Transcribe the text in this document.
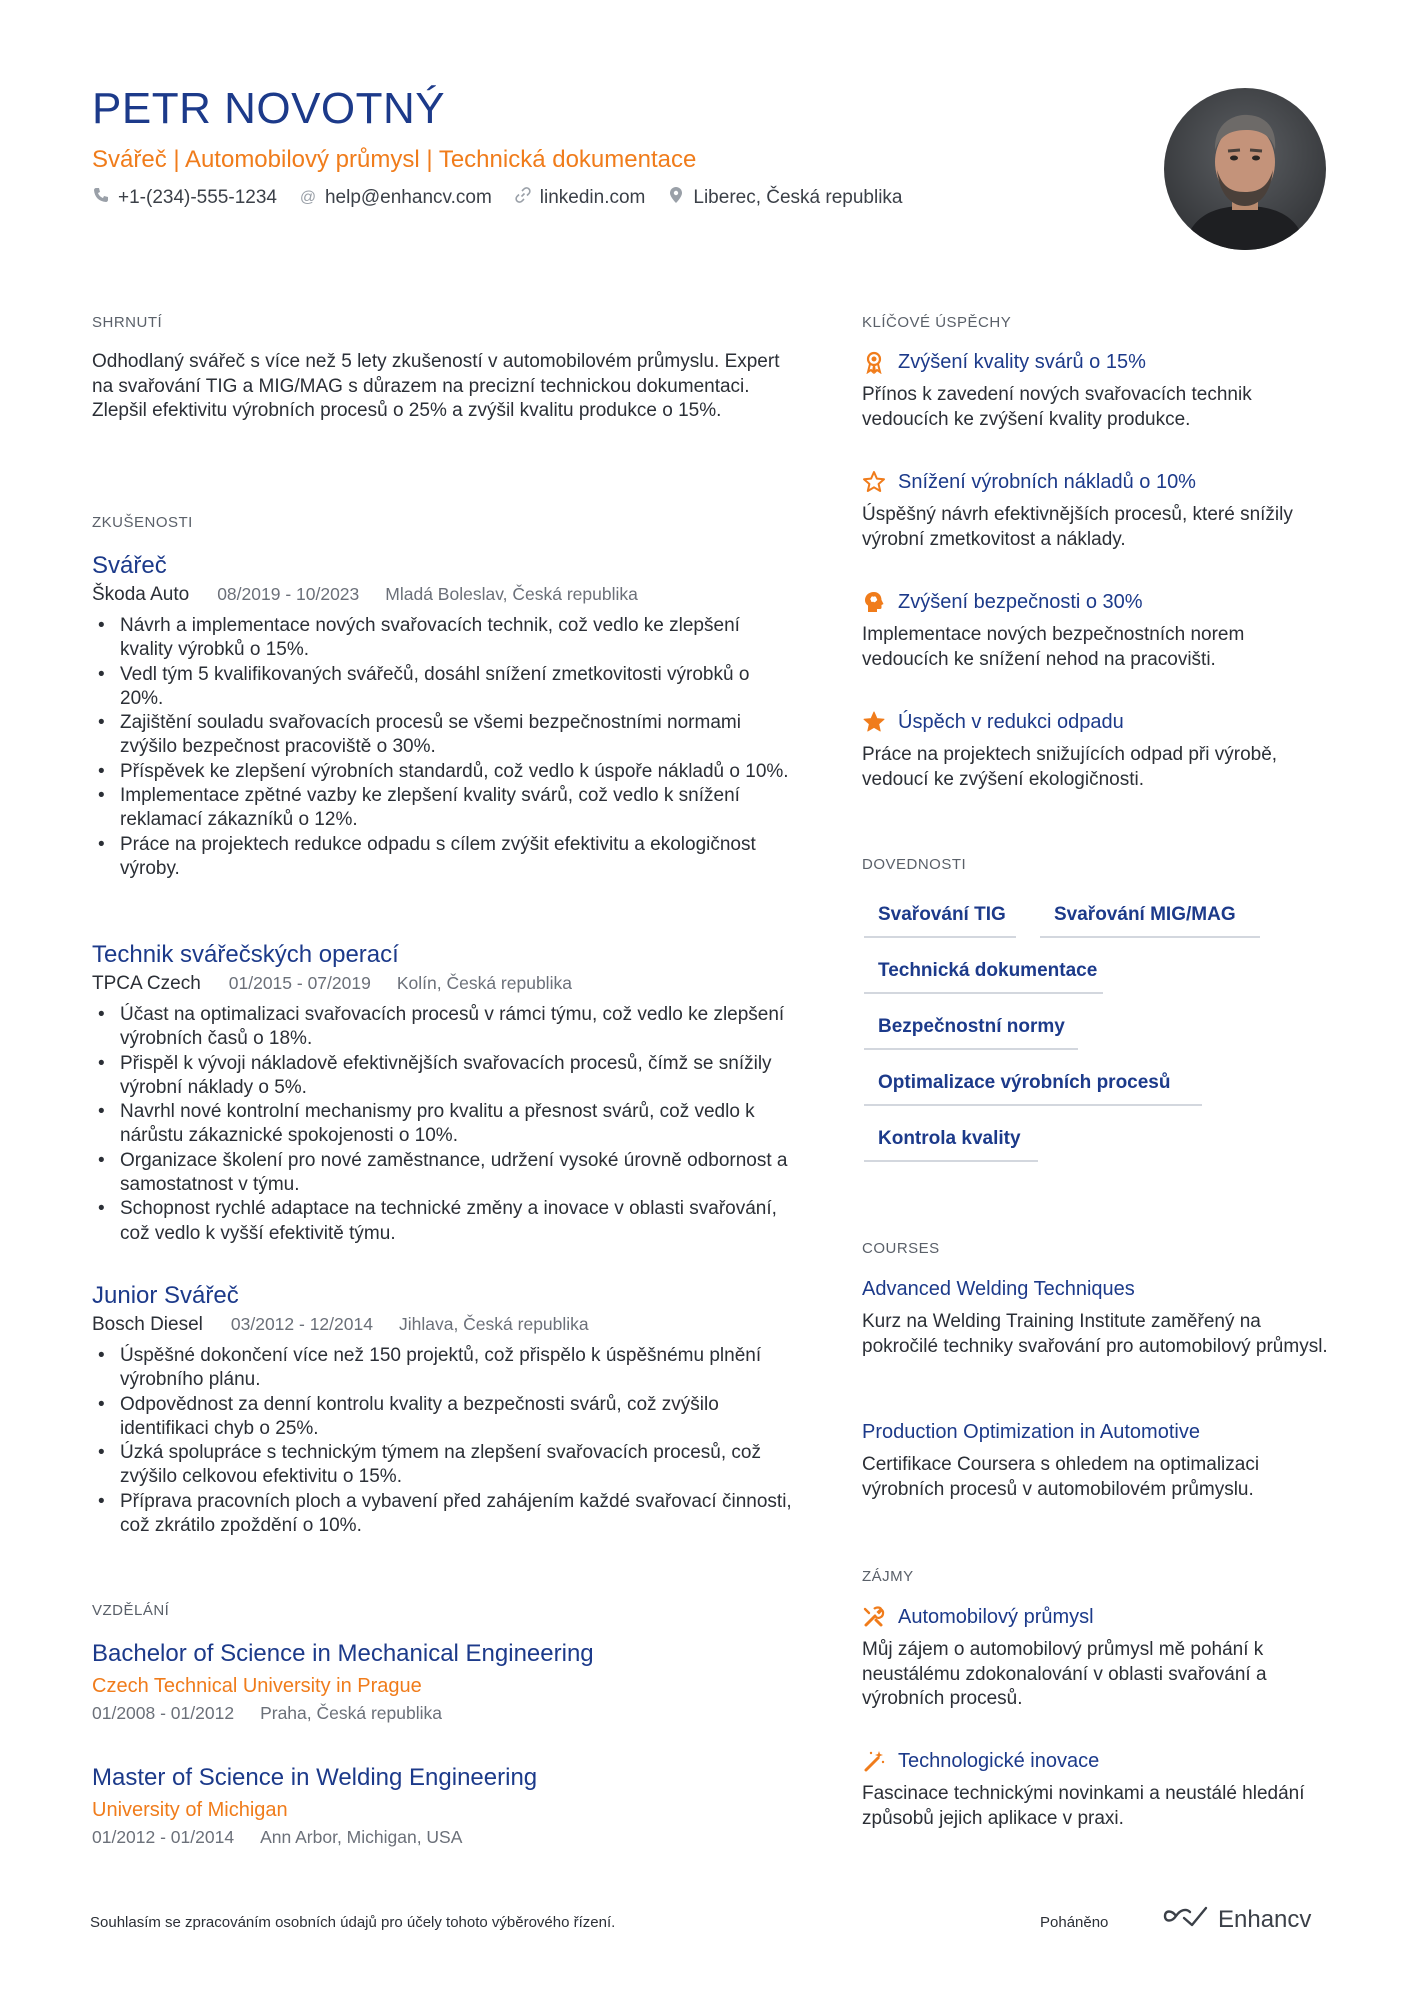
PETR NOVOTNÝ
Svářeč | Automobilový průmysl | Technická dokumentace
+1-(234)-555-1234 @ help@enhancv.com	linkedin.com	Liberec, Česká republika
SHRNUTÍ
Odhodlaný svářeč s více než 5 lety zkušeností v automobilovém průmyslu. Expert na svařování TIG a MIG/MAG s důrazem na precizní technickou dokumentaci. Zlepšil efektivitu výrobních procesů o 25% a zvýšil kvalitu produkce o 15%.
ZKUŠENOSTI
Svářeč
Škoda Auto 08/2019 - 10/2023 Mladá Boleslav, Česká republika
• Návrh a implementace nových svařovacích technik, což vedlo ke zlepšení kvality výrobků o 15%.
• Vedl tým 5 kvalifikovaných svářečů, dosáhl snížení zmetkovitosti výrobků o 20%.
• Zajištění souladu svařovacích procesů se všemi bezpečnostními normami zvýšilo bezpečnost pracoviště o 30%.
• Příspěvek ke zlepšení výrobních standardů, což vedlo k úspoře nákladů o 10%.
• Implementace zpětné vazby ke zlepšení kvality svárů, což vedlo k snížení reklamací zákazníků o 12%.
• Práce na projektech redukce odpadu s cílem zvýšit efektivitu a ekologičnost výroby.
Technik svářečských operací
TPCA Czech 01/2015 - 07/2019 Kolín, Česká republika
• Účast na optimalizaci svařovacích procesů v rámci týmu, což vedlo ke zlepšení výrobních časů o 18%.
• Přispěl k vývoji nákladově efektivnějších svařovacích procesů, čímž se snížily výrobní náklady o 5%.
• Navrhl nové kontrolní mechanismy pro kvalitu a přesnost svárů, což vedlo k nárůstu zákaznické spokojenosti o 10%.
• Organizace školení pro nové zaměstnance, udržení vysoké úrovně odbornost a samostatnost v týmu.
• Schopnost rychlé adaptace na technické změny a inovace v oblasti svařování, což vedlo k vyšší efektivitě týmu.
Junior Svářeč
Bosch Diesel 03/2012 - 12/2014 Jihlava, Česká republika
• Úspěšné dokončení více než 150 projektů, což přispělo k úspěšnému plnění výrobního plánu.
• Odpovědnost za denní kontrolu kvality a bezpečnosti svárů, což zvýšilo identifikaci chyb o 25%.
• Úzká spolupráce s technickým týmem na zlepšení svařovacích procesů, což zvýšilo celkovou efektivitu o 15%.
• Příprava pracovních ploch a vybavení před zahájením každé svařovací činnosti, což zkrátilo zpoždění o 10%.
VZDĚLÁNÍ
Bachelor of Science in Mechanical Engineering
Czech Technical University in Prague
01/2008 - 01/2012 Praha, Česká republika
Master of Science in Welding Engineering
University of Michigan
01/2012 - 01/2014 Ann Arbor, Michigan, USA
KLÍČOVÉ ÚSPĚCHY
Zvýšení kvality svárů o 15%
Přínos k zavedení nových svařovacích technik vedoucích ke zvýšení kvality produkce.
Snížení výrobních nákladů o 10%
Úspěšný návrh efektivnějších procesů, které snížily výrobní zmetkovitost a náklady.
Zvýšení bezpečnosti o 30%
Implementace nových bezpečnostních norem vedoucích ke snížení nehod na pracovišti.
Úspěch v redukci odpadu
Práce na projektech snižujících odpad při výrobě, vedoucí ke zvýšení ekologičnosti.
DOVEDNOSTI
Svařování TIG	Svařování MIG/MAG
Technická dokumentace
Bezpečnostní normy
Optimalizace výrobních procesů
Kontrola kvality
COURSES
Advanced Welding Techniques
Kurz na Welding Training Institute zaměřený na pokročilé techniky svařování pro automobilový průmysl.
Production Optimization in Automotive
Certifikace Coursera s ohledem na optimalizaci výrobních procesů v automobilovém průmyslu.
ZÁJMY
Automobilový průmysl
Můj zájem o automobilový průmysl mě pohání k neustálému zdokonalování v oblasti svařování a výrobních procesů.
Technologické inovace
Fascinace technickými novinkami a neustálé hledání způsobů jejich aplikace v praxi.
Souhlasím se zpracováním osobních údajů pro účely tohoto výběrového řízení.	Poháněno	Enhancv
